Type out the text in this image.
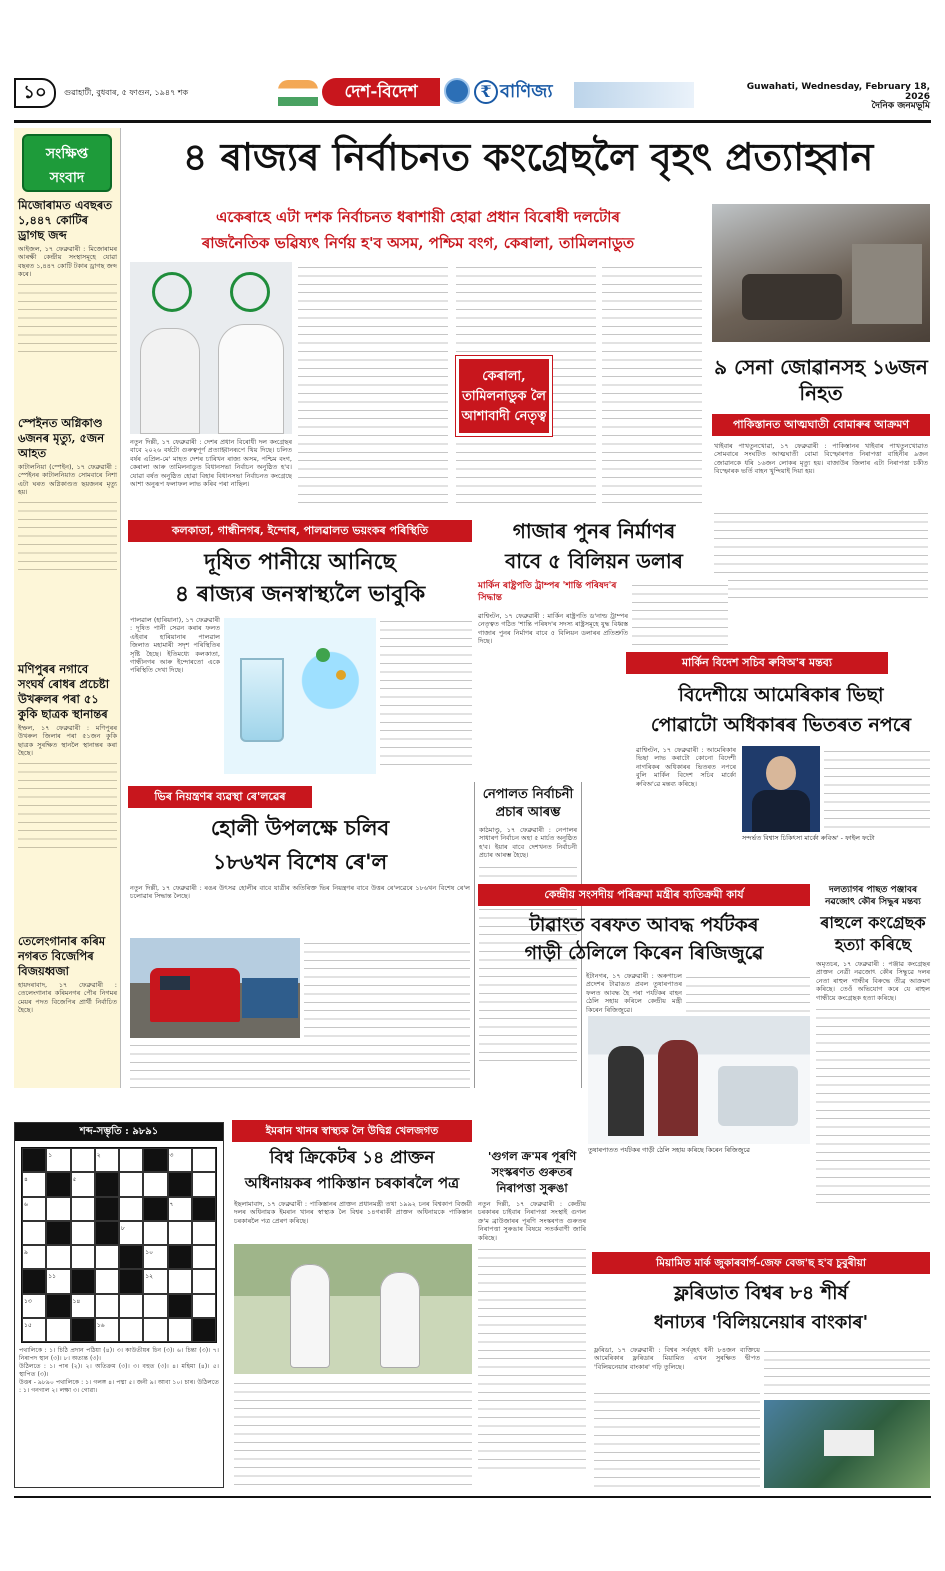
১০	গুৱাহাটী, বুধবাৰ, ৫ ফাগুন, ১৯৪৭ শক	দেশ-বিদেশ	₹ বাণিজ্য	Guwahati, Wednesday, February 18, 2026
দৈনিক জনমভূমি
সংক্ষিপ্ত
সংবাদ
মিজোৰামত এবছৰত ১,৪৪৭ কোটিৰ ড্ৰাগছ জব্দ
আইজল, ১৭ ফেব্ৰুৱাৰী : মিজোৰামৰ আৰক্ষী কেন্দ্ৰীয় সংস্থাসমূহে যোৱা বছৰত ১,৪৪৭ কোটি টকাৰ ড্ৰাগছ জব্দ কৰে।
স্পেইনত অগ্নিকাণ্ড ৬জনৰ মৃত্যু, ৫জন আহত
কাটালনিয়া (স্পেইন), ১৭ ফেব্ৰুৱাৰী : স্পেইনৰ কাটালনিয়াত সোমবাৰে নিশা এটা ঘৰত অগ্নিকাণ্ডত ছয়জনৰ মৃত্যু হয়।
মণিপুৰৰ নগাবে সংঘৰ্ষ ৰোধৰ প্ৰচেষ্টা উখৰুলৰ পৰা ৫১ কুকি ছাত্ৰক স্থানান্তৰ
ইম্ফল, ১৭ ফেব্ৰুৱাৰী : মণিপুৰৰ উখৰুল জিলাৰ পৰা ৫১জন কুকি ছাত্ৰক সুৰক্ষিত স্থানলৈ স্থানান্তৰ কৰা হৈছে।
তেলেংগানাৰ কৰিম নগৰত বিজেপিৰ বিজয়ধ্বজা
হায়দৰাবাদ, ১৭ ফেব্ৰুৱাৰী : তেলেংগানাৰ কৰিমনগৰ পৌৰ নিগমৰ মেয়ৰ পদত বিজেপিৰ প্ৰাৰ্থী নিৰ্বাচিত হৈছে।
৪ ৰাজ্যৰ নিৰ্বাচনত কংগ্ৰেছলৈ বৃহৎ প্ৰত্যাহ্বান
একেৰাহে এটা দশক নিৰ্বাচনত ধৰাশায়ী হোৱা প্ৰধান বিৰোধী দলটোৰ
ৰাজনৈতিক ভৱিষ্যৎ নিৰ্ণয় হ'ব অসম, পশ্চিম বংগ, কেৰালা, তামিলনাডুত
নতুন দিল্লী, ১৭ ফেব্ৰুৱাৰী : দেশৰ প্ৰধান বিৰোধী দল কংগ্ৰেছৰ বাবে ২০২৬ বৰ্ষটো গুৰুত্বপূৰ্ণ প্ৰত্যাহ্বানৰূপে থিয় দিছে। চলিত বৰ্ষৰ এপ্ৰিল-মে' মাহত দেশৰ চাৰিখন ৰাজ্য অসম, পশ্চিম বংগ, কেৰালা আৰু তামিলনাডুত বিধানসভা নিৰ্বাচন অনুষ্ঠিত হ'ব। যোৱা বৰ্ষত অনুষ্ঠিত হোৱা বিহাৰ বিধানসভা নিৰ্বাচনত কংগ্ৰেছে আশা অনুৰূপ ফলাফল লাভ কৰিব পৰা নাছিল।
কেৰালা, তামিলনাডুক লৈ আশাবাদী নেতৃত্ব
৯ সেনা জোৱানসহ ১৬জন নিহত
পাকিস্তানত আত্মঘাতী বোমাৰুৰ আক্ৰমণ
খাইবাৰ পাখতুনখোৱা, ১৭ ফেব্ৰুৱাৰী : পাকিস্তানৰ খাইবাৰ পাখতুনখোৱাত সোমবাৰে সংঘটিত আত্মঘাতী বোমা বিস্ফোৰণত নিৰাপত্তা বাহিনীৰ ৯জন জোৱানকে ধৰি ১৬জন লোকৰ মৃত্যু হয়। বাজাউৰ জিলাৰ এটা নিৰাপত্তা চকীত বিস্ফোৰক ভৰ্তি বাহন খুন্দিয়াই দিয়া হয়।
কলকাতা, গান্ধীনগৰ, ইন্দোৰ, পালৱালত ভয়ংকৰ পৰিস্থিতি
দূষিত পানীয়ে আনিছে
৪ ৰাজ্যৰ জনস্বাস্থ্যলৈ ভাবুকি
পালৱাল (হাৰিয়ানা), ১৭ ফেব্ৰুৱাৰী : দূষিত পানী সেৱন কৰাৰ ফলত এইবাৰ হাৰিয়ানাৰ পালৱাল জিলাত মহামাৰী সদৃশ পৰিস্থিতিৰ সৃষ্টি হৈছে। ইতিমধ্যে কলকাতা, গান্ধীনগৰ আৰু ইন্দোৰতো একে পৰিস্থিতি দেখা দিছে।
গাজাৰ পুনৰ নিৰ্মাণৰ
বাবে ৫ বিলিয়ন ডলাৰ
মাৰ্কিন ৰাষ্ট্ৰপতি ট্ৰাম্পৰ 'শান্তি পৰিষদ'ৰ সিদ্ধান্ত
ৱাশ্বিংটন, ১৭ ফেব্ৰুৱাৰী : মাৰ্কিন ৰাষ্ট্ৰপতি ড'নাল্ড ট্ৰাম্পৰ নেতৃত্বত গঠিত 'শান্তি পৰিষদ'ৰ সদস্য ৰাষ্ট্ৰসমূহে যুদ্ধ বিধ্বস্ত গাজাৰ পুনৰ নিৰ্মাণৰ বাবে ৫ বিলিয়ন ডলাৰৰ প্ৰতিশ্ৰুতি দিছে।
মাৰ্কিন বিদেশ সচিব ৰুবিঅ'ৰ মন্তব্য
বিদেশীয়ে আমেৰিকাৰ ভিছা
পোৱাটো অধিকাৰৰ ভিতৰত নপৰে
ৱাশ্বিংটন, ১৭ ফেব্ৰুৱাৰী : আমেৰিকাৰ ভিছা লাভ কৰাটো কোনো বিদেশী নাগৰিকৰ অধিকাৰৰ ভিতৰত নপৰে বুলি মাৰ্কিন বিদেশ সচিব মাৰ্কো ৰুবিঅ'ৱে মন্তব্য কৰিছে।
সন্দৰ্ভত বিশ্বাস চিকিৎসা মাৰ্কো ৰুবিঅ' - ফাইল ফটো
ভিৰ নিয়ন্ত্ৰণৰ ব্যৱস্থা ৰে'লৱেৰ
হোলী উপলক্ষে চলিব
১৮৬খন বিশেষ ৰে'ল
নতুন দিল্লী, ১৭ ফেব্ৰুৱাৰী : ৰঙৰ উৎসৱ হোলীৰ বাবে যাত্ৰীৰ অতিৰিক্ত ভিৰ নিয়ন্ত্ৰণৰ বাবে উত্তৰ ৰে'লৱেৰে ১৮৬খন বিশেষ ৰে'ল চলোৱাৰ সিদ্ধান্ত লৈছে।
নেপালত নিৰ্বাচনী প্ৰচাৰ আৰম্ভ
কাঠমাণ্ডু, ১৭ ফেব্ৰুৱাৰী : নেপালৰ সাধাৰণ নিৰ্বাচন অহা ৫ মাৰ্চত অনুষ্ঠিত হ'ব। ইয়াৰ বাবে দেশখনত নিৰ্বাচনী প্ৰচাৰ আৰম্ভ হৈছে।
কেন্দ্ৰীয় সংসদীয় পৰিক্ৰমা মন্ত্ৰীৰ ব্যতিক্ৰমী কাৰ্য
টাৱাংত বৰফত আবদ্ধ পৰ্যটকৰ
গাড়ী ঠেলিলে কিৰেন ৰিজিজুৱে
ইটানগৰ, ১৭ ফেব্ৰুৱাৰী : অৰুণাচল প্ৰদেশৰ টাৱাঙত প্ৰবল তুষাৰপাতৰ ফলত আবদ্ধ হৈ পৰা পৰ্যটকৰ বাহন ঠেলি সহায় কৰিলে কেন্দ্ৰীয় মন্ত্ৰী কিৰেন ৰিজিজুৱে।
তুষাৰপাতত পৰ্যটকৰ গাড়ী ঠেলি সহায় কৰিছে কিৰেন ৰিজিজুৱে
দলত্যাগৰ পাছত পঞ্জাবৰ
নৱজোৎ কৌৰ সিদ্ধুৰ মন্তব্য
ৰাহুলে কংগ্ৰেছক
হত্যা কৰিছে
অমৃতচৰ, ১৭ ফেব্ৰুৱাৰী : পঞ্জাৱ কংগ্ৰেছৰ প্ৰাক্তন নেত্ৰী নৱজোৎ কৌৰ সিদ্ধুৱে দলৰ নেতা ৰাহুল গান্ধীৰ বিৰুদ্ধে তীব্ৰ আক্ৰমণ কৰিছে। তেওঁ অভিযোগ কৰে যে ৰাহুল গান্ধীয়ে কংগ্ৰেছক হত্যা কৰিছে।
শব্দ-সম্ভৃতি : ৯৮৯১
১	২	৩
৪	৫
৬	৭
৮
৯	১০
১১	১২
১৩	১৪
১৫	১৬
পথালিকে : ১। চিঠি প্ৰদান পঠিয়া (৪)। ৩। কাউতীয়ৰ চিন (৩)। ৬। চিন্তা (৩)। ৭। নিৰাপদ স্থান (৩)। ৮। অত্যন্ত (৩)।
উঠিলতে : ১। পাৰ (২)। ২। অতিক্ৰম (৩)। ৩। বহুত (৩)। ৪। মহিমা (৪)। ৫। স্থাপিত (৩)।
উত্তৰ - ৯৮৯০ পথালিকে : ১। গলঙ্গ ৪। পদ্মা ৫। জনী ৯। আবা ১০। চাৰ। উঠিলতে : ১। গনগাল ২। লক্ষা ৩। গোৱা।
ইমৰান খানৰ স্বাস্থ্যক লৈ উদ্বিগ্ন খেলজগত
বিশ্ব ক্ৰিকেটৰ ১৪ প্ৰাক্তন
অধিনায়কৰ পাকিস্তান চৰকাৰলৈ পত্ৰ
ইছলামাবাদ, ১৭ ফেব্ৰুৱাৰী : পাকিস্তানৰ প্ৰাক্তন প্ৰধানমন্ত্ৰী তথা ১৯৯২ চনৰ বিশ্বকাপ বিজয়ী দলৰ অধিনায়ক ইমৰান খানৰ স্বাস্থ্যক লৈ বিশ্বৰ ১৪গৰাকী প্ৰাক্তন অধিনায়কে পাকিস্তান চৰকাৰলৈ পত্ৰ প্ৰেৰণ কৰিছে।
'গুগল ক্ৰ'মৰ পূৰণি
সংস্কৰণত গুৰুতৰ
নিৰাপত্তা সুৰুঙা
নতুন দিল্লী, ১৭ ফেব্ৰুৱাৰী : কেন্দ্ৰীয় চৰকাৰৰ চাইবাৰ নিৰাপত্তা সংস্থাই গুগল ক্ৰ'ম ব্ৰাউজাৰৰ পূৰণি সংস্কৰণত গুৰুতৰ নিৰাপত্তা সুৰুঙাৰ বিষয়ে সতৰ্কবাণী জাৰি কৰিছে।
মিয়ামিত মাৰ্ক জুকাৰবাৰ্গ-জেফ বেজ'ছ হ'ব চুবুৰীয়া
ফ্লৰিডাত বিশ্বৰ ৮৪ শীৰ্ষ
ধনাঢ্যৰ 'বিলিয়নেয়াৰ বাংকাৰ'
ফ্লৰিডা, ১৭ ফেব্ৰুৱাৰী : বিশ্বৰ সৰ্ববৃহৎ ধনী ৮৪জন ব্যক্তিয়ে আমেৰিকাৰ ফ্লৰিডাৰ মিয়ামিত এখন সুৰক্ষিত দ্বীপত 'বিলিয়নেয়াৰ বাংকাৰ' গঢ়ি তুলিছে।
